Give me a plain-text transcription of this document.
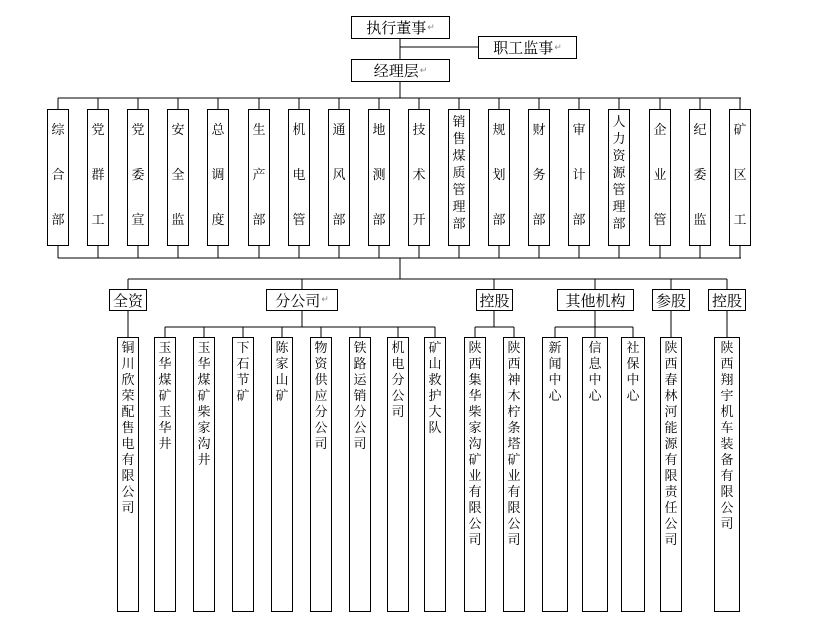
执行董事 ↵
职工监事 ↵
经理层 ↵
综
合
部
党
群
工
党
委
宣
安
全
监
总
调
度
生
产
部
机
电
管
通
风
部
地
测
部
技
术
开
销
售
煤
质
管
理
部
规
划
部
财
务
部
审
计
部
人
力
资
源
管
理
部
企
业
管
纪
委
监
矿
区
工
全资	分公司 ↵	控股	其他机构 参股 控股
铜
川
欣
荣
配
售
电
有
限
公
司
玉
华
煤
矿
玉
华
井
玉
华
煤
矿
柴
家
沟
井
下
石
节
矿
陈
家
山
矿
物
资
供
应
分
公
司
铁
路
运
销
分
公
司
机
电
分
公
司
矿
山
救
护
大
队
陕
西
集
华
柴
家
沟
矿
业
有
限
公
司
陕
西
神
木
柠
条
塔
矿
业
有
限
公
司
新
闻
中
心
信
息
中
心
社
保
中
心
陕
西
春
林
河
能
源
有
限
责
任
公
司
陕
西
翔
宇
机
车
装
备
有
限
公
司
